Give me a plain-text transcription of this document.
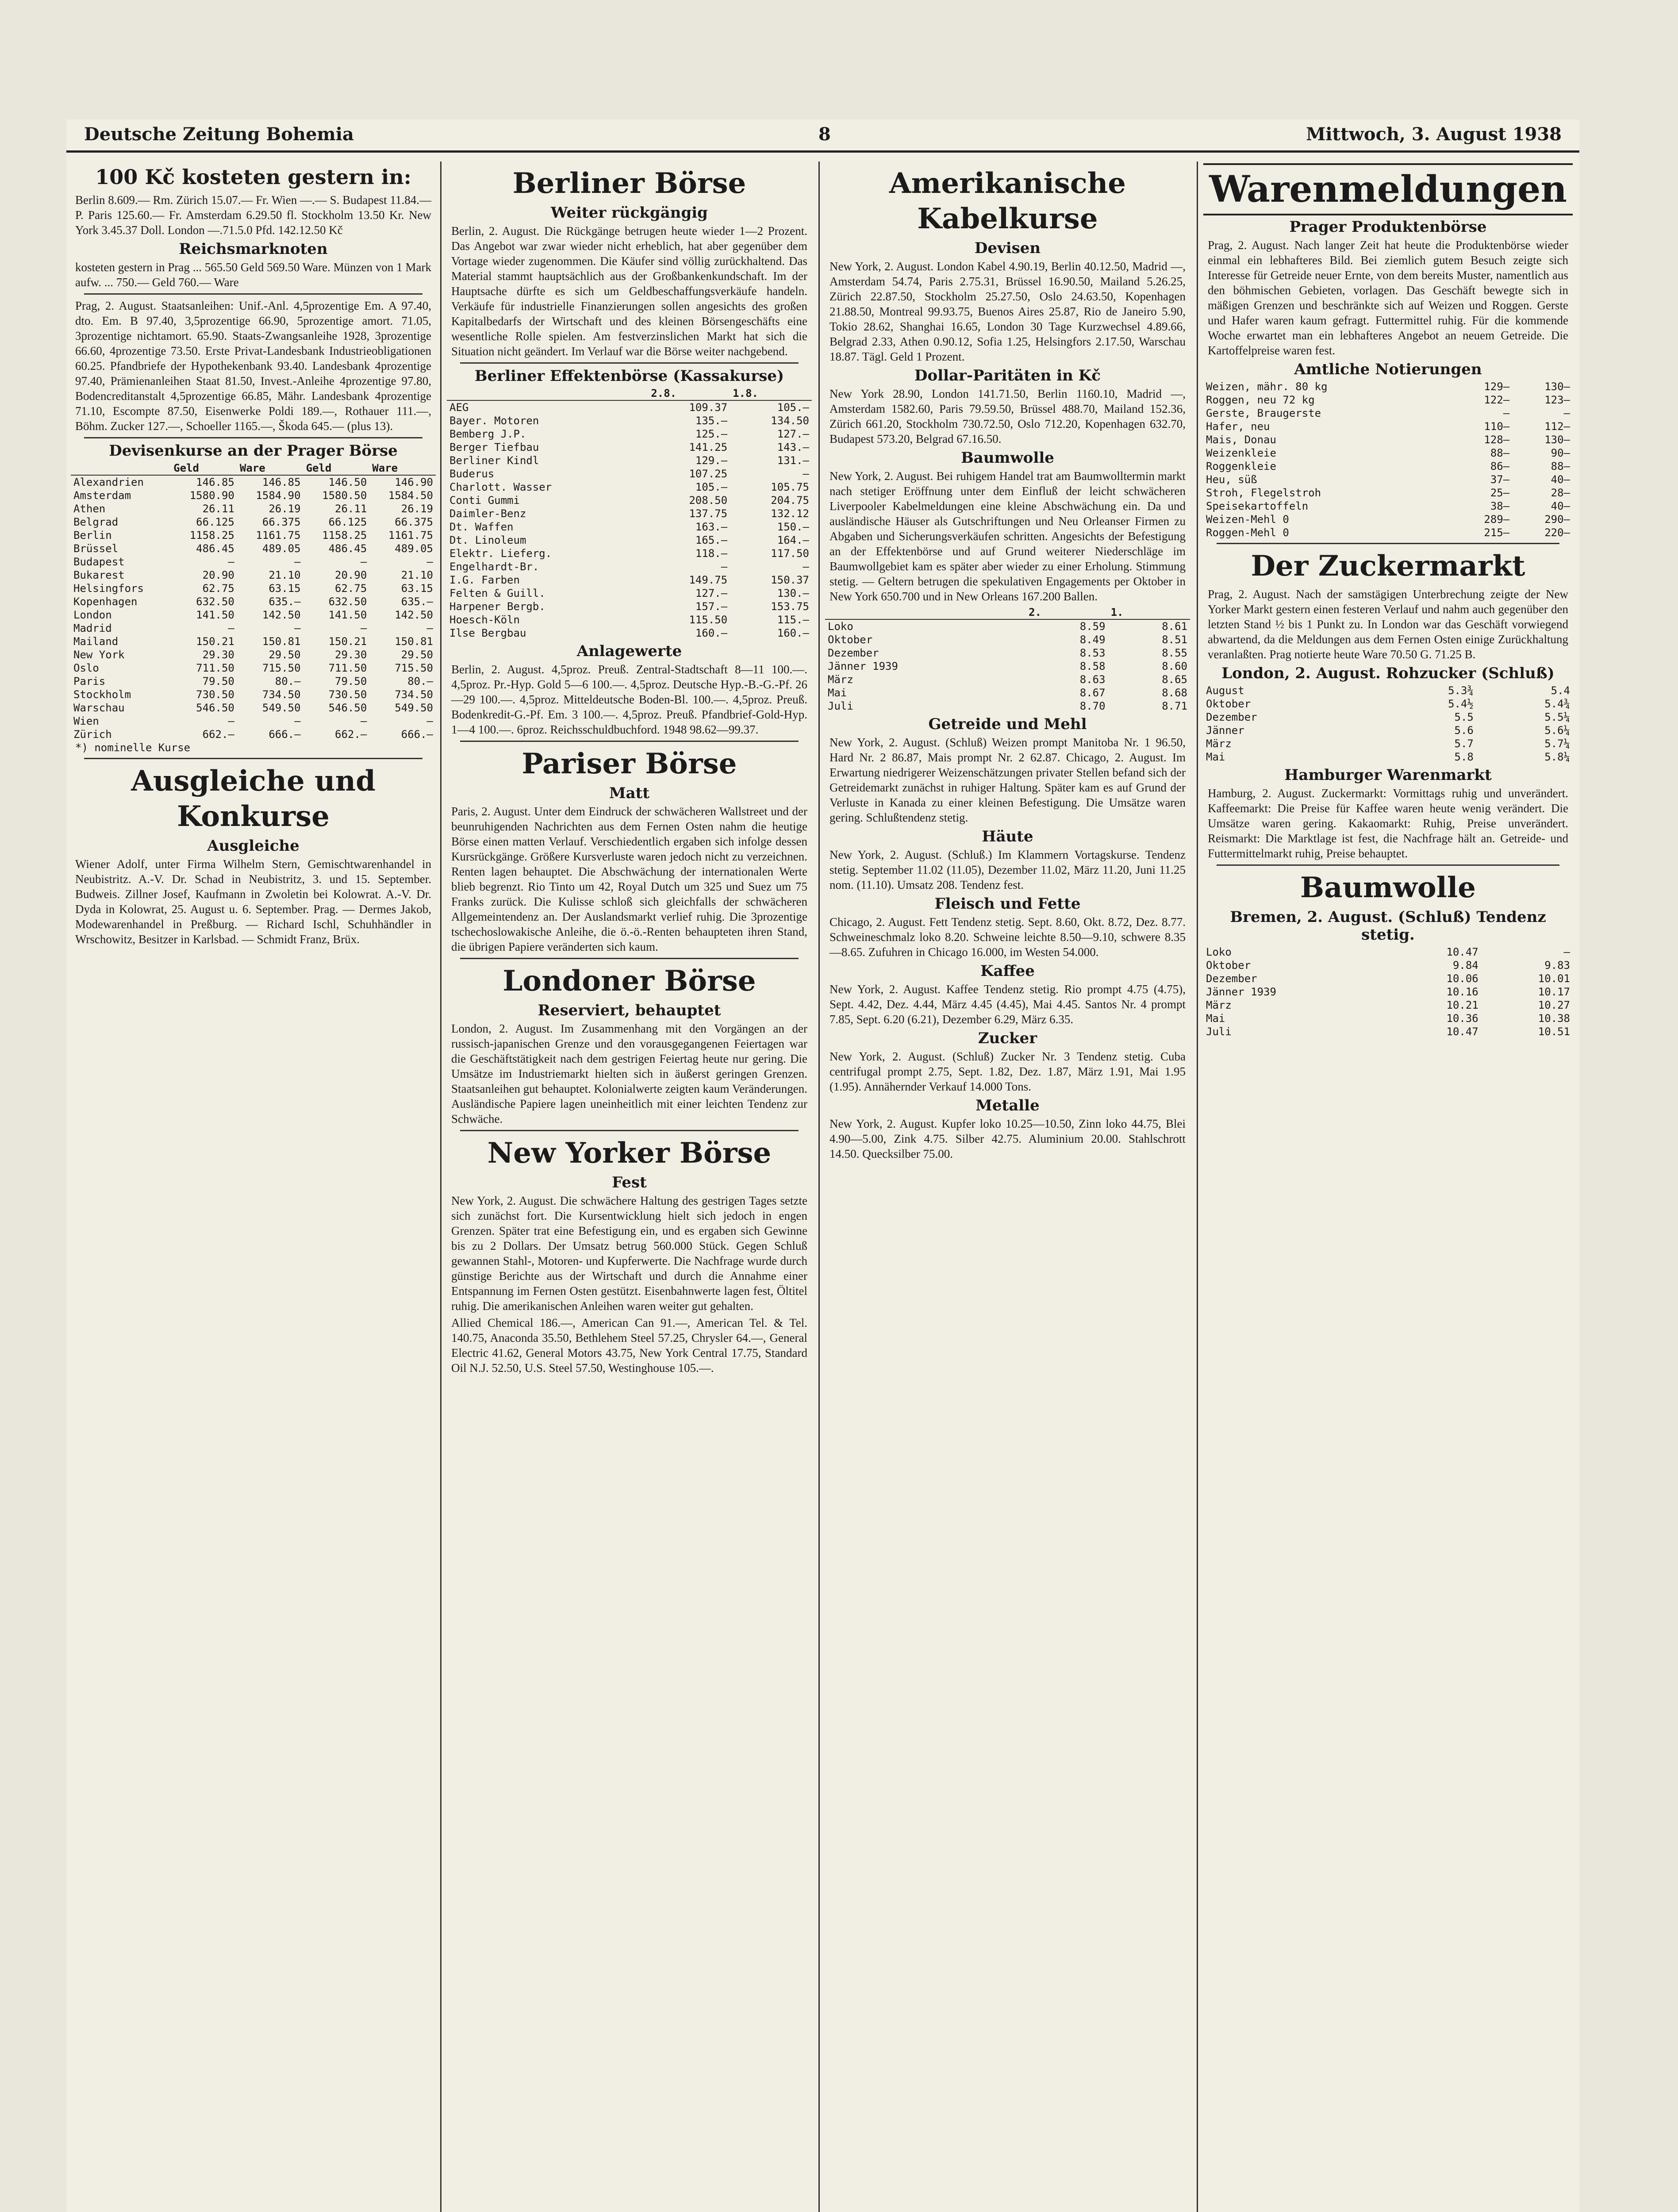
Deutsche Zeitung Bohemia	8	Mittwoch, 3. August 1938
100 Kč kosteten gestern in:

Berlin 8.609.— Rm. Zürich 15.07.— Fr. Wien —.— S. Budapest 11.84.— P. Paris 125.60.— Fr. Amsterdam 6.29.50 fl. Stockholm 13.50 Kr. New York 3.45.37 Doll. London —.71.5.0 Pfd. 142.12.50 Kč

Reichsmarknoten

kosteten gestern in Prag ... 565.50 Geld 569.50 Ware. Münzen von 1 Mark aufw. ... 750.— Geld 760.— Ware

Prag, 2. August. Staatsanleihen: Unif.-Anl. 4,5prozentige Em. A 97.40, dto. Em. B 97.40, 3,5prozentige 66.90, 5prozentige amort. 71.05, 3prozentige nichtamort. 65.90. Staats-Zwangsanleihe 1928, 3prozentige 66.60, 4prozentige 73.50. Erste Privat-Landesbank Industrieobligationen 60.25. Pfandbriefe der Hypothekenbank 93.40. Landesbank 4prozentige 97.40, Prämienanleihen Staat 81.50, Invest.-Anleihe 4prozentige 97.80, Bodencreditanstalt 4,5prozentige 66.85, Mähr. Landesbank 4prozentige 71.10, Escompte 87.50, Eisenwerke Poldi 189.—, Rothauer 111.—, Böhm. Zucker 127.—, Schoeller 1165.—, Škoda 645.— (plus 13).

Devisenkurse an der Prager Börse
	Geld	Ware	Geld	Ware
Alexandrien	146.85	146.85	146.50	146.90
Amsterdam	1580.90	1584.90	1580.50	1584.50
Athen	26.11	26.19	26.11	26.19
Belgrad	66.125	66.375	66.125	66.375
Berlin	1158.25	1161.75	1158.25	1161.75
Brüssel	486.45	489.05	486.45	489.05
Budapest	—	—	—	—
Bukarest	20.90	21.10	20.90	21.10
Helsingfors	62.75	63.15	62.75	63.15
Kopenhagen	632.50	635.—	632.50	635.—
London	141.50	142.50	141.50	142.50
Madrid	—	—	—	—
Mailand	150.21	150.81	150.21	150.81
New York	29.30	29.50	29.30	29.50
Oslo	711.50	715.50	711.50	715.50
Paris	79.50	80.—	79.50	80.—
Stockholm	730.50	734.50	730.50	734.50
Warschau	546.50	549.50	546.50	549.50
Wien	—	—	—	—
Zürich	662.—	666.—	662.—	666.—
*) nominelle Kurse
Ausgleiche und Konkurse
Ausgleiche

Wiener Adolf, unter Firma Wilhelm Stern, Gemischtwarenhandel in Neubistritz. A.-V. Dr. Schad in Neubistritz, 3. und 15. September. Budweis. Zillner Josef, Kaufmann in Zwoletin bei Kolowrat. A.-V. Dr. Dyda in Kolowrat, 25. August u. 6. September. Prag. — Dermes Jakob, Modewarenhandel in Preßburg. — Richard Ischl, Schuhhändler in Wrschowitz, Besitzer in Karlsbad. — Schmidt Franz, Brüx.

Berliner Börse
Weiter rückgängig

Berlin, 2. August. Die Rückgänge betrugen heute wieder 1—2 Prozent. Das Angebot war zwar wieder nicht erheblich, hat aber gegenüber dem Vortage wieder zugenommen. Die Käufer sind völlig zurückhaltend. Das Material stammt hauptsächlich aus der Großbankenkundschaft. Im der Hauptsache dürfte es sich um Geldbeschaffungsverkäufe handeln. Verkäufe für industrielle Finanzierungen sollen angesichts des großen Kapitalbedarfs der Wirtschaft und des kleinen Börsengeschäfts eine wesentliche Rolle spielen. Am festverzinslichen Markt hat sich die Situation nicht geändert. Im Verlauf war die Börse weiter nachgebend.

Berliner Effektenbörse (Kassakurse)
	2.8.	1.8.
AEG	109.37	105.—
Bayer. Motoren	135.—	134.50
Bemberg J.P.	125.—	127.—
Berger Tiefbau	141.25	143.—
Berliner Kindl	129.—	131.—
Buderus	107.25	—
Charlott. Wasser	105.—	105.75
Conti Gummi	208.50	204.75
Daimler-Benz	137.75	132.12
Dt. Waffen	163.—	150.—
Dt. Linoleum	165.—	164.—
Elektr. Lieferg.	118.—	117.50
Engelhardt-Br.	—	—
I.G. Farben	149.75	150.37
Felten & Guill.	127.—	130.—
Harpener Bergb.	157.—	153.75
Hoesch-Köln	115.50	115.—
Ilse Bergbau	160.—	160.—
Anlagewerte

Berlin, 2. August. 4,5proz. Preuß. Zentral-Stadtschaft 8—11 100.—. 4,5proz. Pr.-Hyp. Gold 5—6 100.—. 4,5proz. Deutsche Hyp.-B.-G.-Pf. 26—29 100.—. 4,5proz. Mitteldeutsche Boden-Bl. 100.—. 4,5proz. Preuß. Bodenkredit-G.-Pf. Em. 3 100.—. 4,5proz. Preuß. Pfandbrief-Gold-Hyp. 1—4 100.—. 6proz. Reichsschuldbuchford. 1948 98.62—99.37.

Pariser Börse
Matt

Paris, 2. August. Unter dem Eindruck der schwächeren Wallstreet und der beunruhigenden Nachrichten aus dem Fernen Osten nahm die heutige Börse einen matten Verlauf. Verschiedentlich ergaben sich infolge dessen Kursrückgänge. Größere Kursverluste waren jedoch nicht zu verzeichnen. Renten lagen behauptet. Die Abschwächung der internationalen Werte blieb begrenzt. Rio Tinto um 42, Royal Dutch um 325 und Suez um 75 Franks zurück. Die Kulisse schloß sich gleichfalls der schwächeren Allgemeintendenz an. Der Auslandsmarkt verlief ruhig. Die 3prozentige tschechoslowakische Anleihe, die ö.-ö.-Renten behaupteten ihren Stand, die übrigen Papiere veränderten sich kaum.

Londoner Börse
Reserviert, behauptet

London, 2. August. Im Zusammenhang mit den Vorgängen an der russisch-japanischen Grenze und den vorausgegangenen Feiertagen war die Geschäftstätigkeit nach dem gestrigen Feiertag heute nur gering. Die Umsätze im Industriemarkt hielten sich in äußerst geringen Grenzen. Staatsanleihen gut behauptet. Kolonialwerte zeigten kaum Veränderungen. Ausländische Papiere lagen uneinheitlich mit einer leichten Tendenz zur Schwäche.

New Yorker Börse
Fest

New York, 2. August. Die schwächere Haltung des gestrigen Tages setzte sich zunächst fort. Die Kursentwicklung hielt sich jedoch in engen Grenzen. Später trat eine Befestigung ein, und es ergaben sich Gewinne bis zu 2 Dollars. Der Umsatz betrug 560.000 Stück. Gegen Schluß gewannen Stahl-, Motoren- und Kupferwerte. Die Nachfrage wurde durch günstige Berichte aus der Wirtschaft und durch die Annahme einer Entspannung im Fernen Osten gestützt. Eisenbahnwerte lagen fest, Öltitel ruhig. Die amerikanischen Anleihen waren weiter gut gehalten.

Allied Chemical 186.—, American Can 91.—, American Tel. & Tel. 140.75, Anaconda 35.50, Bethlehem Steel 57.25, Chrysler 64.—, General Electric 41.62, General Motors 43.75, New York Central 17.75, Standard Oil N.J. 52.50, U.S. Steel 57.50, Westinghouse 105.—.

Amerikanische Kabelkurse
Devisen

New York, 2. August. London Kabel 4.90.19, Berlin 40.12.50, Madrid —, Amsterdam 54.74, Paris 2.75.31, Brüssel 16.90.50, Mailand 5.26.25, Zürich 22.87.50, Stockholm 25.27.50, Oslo 24.63.50, Kopenhagen 21.88.50, Montreal 99.93.75, Buenos Aires 25.87, Rio de Janeiro 5.90, Tokio 28.62, Shanghai 16.65, London 30 Tage Kurzwechsel 4.89.66, Belgrad 2.33, Athen 0.90.12, Sofia 1.25, Helsingfors 2.17.50, Warschau 18.87. Tägl. Geld 1 Prozent.

Dollar-Paritäten in Kč

New York 28.90, London 141.71.50, Berlin 1160.10, Madrid —, Amsterdam 1582.60, Paris 79.59.50, Brüssel 488.70, Mailand 152.36, Zürich 661.20, Stockholm 730.72.50, Oslo 712.20, Kopenhagen 632.70, Budapest 573.20, Belgrad 67.16.50.

Baumwolle

New York, 2. August. Bei ruhigem Handel trat am Baumwolltermin markt nach stetiger Eröffnung unter dem Einfluß der leicht schwächeren Liverpooler Kabelmeldungen eine kleine Abschwächung ein. Da und ausländische Häuser als Gutschriftungen und Neu Orleanser Firmen zu Abgaben und Sicherungsverkäufen schritten. Angesichts der Befestigung an der Effektenbörse und auf Grund weiterer Niederschläge im Baumwollgebiet kam es später aber wieder zu einer Erholung. Stimmung stetig. — Geltern betrugen die spekulativen Engagements per Oktober in New York 650.700 und in New Orleans 167.200 Ballen.

	2.	1.
Loko	8.59	8.61
Oktober	8.49	8.51
Dezember	8.53	8.55
Jänner 1939	8.58	8.60
März	8.63	8.65
Mai	8.67	8.68
Juli	8.70	8.71
Getreide und Mehl

New York, 2. August. (Schluß) Weizen prompt Manitoba Nr. 1 96.50, Hard Nr. 2 86.87, Mais prompt Nr. 2 62.87. Chicago, 2. August. Im Erwartung niedrigerer Weizenschätzungen privater Stellen befand sich der Getreidemarkt zunächst in ruhiger Haltung. Später kam es auf Grund der Verluste in Kanada zu einer kleinen Befestigung. Die Umsätze waren gering. Schlußtendenz stetig.

Häute

New York, 2. August. (Schluß.) Im Klammern Vortagskurse. Tendenz stetig. September 11.02 (11.05), Dezember 11.02, März 11.20, Juni 11.25 nom. (11.10). Umsatz 208. Tendenz fest.

Fleisch und Fette

Chicago, 2. August. Fett Tendenz stetig. Sept. 8.60, Okt. 8.72, Dez. 8.77. Schweineschmalz loko 8.20. Schweine leichte 8.50—9.10, schwere 8.35—8.65. Zufuhren in Chicago 16.000, im Westen 54.000.

Kaffee

New York, 2. August. Kaffee Tendenz stetig. Rio prompt 4.75 (4.75), Sept. 4.42, Dez. 4.44, März 4.45 (4.45), Mai 4.45. Santos Nr. 4 prompt 7.85, Sept. 6.20 (6.21), Dezember 6.29, März 6.35.

Zucker

New York, 2. August. (Schluß) Zucker Nr. 3 Tendenz stetig. Cuba centrifugal prompt 2.75, Sept. 1.82, Dez. 1.87, März 1.91, Mai 1.95 (1.95). Annähernder Verkauf 14.000 Tons.

Metalle

New York, 2. August. Kupfer loko 10.25—10.50, Zinn loko 44.75, Blei 4.90—5.00, Zink 4.75. Silber 42.75. Aluminium 20.00. Stahlschrott 14.50. Quecksilber 75.00.

Warenmeldungen
Prager Produktenbörse

Prag, 2. August. Nach langer Zeit hat heute die Produktenbörse wieder einmal ein lebhafteres Bild. Bei ziemlich gutem Besuch zeigte sich Interesse für Getreide neuer Ernte, von dem bereits Muster, namentlich aus den böhmischen Gebieten, vorlagen. Das Geschäft bewegte sich in mäßigen Grenzen und beschränkte sich auf Weizen und Roggen. Gerste und Hafer waren kaum gefragt. Futtermittel ruhig. Für die kommende Woche erwartet man ein lebhafteres Angebot an neuem Getreide. Die Kartoffelpreise waren fest.

Amtliche Notierungen
Weizen, mähr. 80 kg	129—	130—
Roggen, neu 72 kg	122—	123—
Gerste, Braugerste	—	—
Hafer, neu	110—	112—
Mais, Donau	128—	130—
Weizenkleie	88—	90—
Roggenkleie	86—	88—
Heu, süß	37—	40—
Stroh, Flegelstroh	25—	28—
Speisekartoffeln	38—	40—
Weizen-Mehl 0	289—	290—
Roggen-Mehl 0	215—	220—
Der Zuckermarkt

Prag, 2. August. Nach der samstägigen Unterbrechung zeigte der New Yorker Markt gestern einen festeren Verlauf und nahm auch gegenüber den letzten Stand ½ bis 1 Punkt zu. In London war das Geschäft vorwiegend abwartend, da die Meldungen aus dem Fernen Osten einige Zurückhaltung veranlaßten. Prag notierte heute Ware 70.50 G. 71.25 B.

London, 2. August. Rohzucker (Schluß)
August	5.3¾	5.4
Oktober	5.4½	5.4¾
Dezember	5.5	5.5¼
Jänner	5.6	5.6¼
März	5.7	5.7¼
Mai	5.8	5.8¼
Hamburger Warenmarkt

Hamburg, 2. August. Zuckermarkt: Vormittags ruhig und unverändert. Kaffeemarkt: Die Preise für Kaffee waren heute wenig verändert. Die Umsätze waren gering. Kakaomarkt: Ruhig, Preise unverändert. Reismarkt: Die Marktlage ist fest, die Nachfrage hält an. Getreide- und Futtermittelmarkt ruhig, Preise behauptet.

Baumwolle
Bremen, 2. August. (Schluß) Tendenz stetig.
Loko	10.47	—
Oktober	9.84	9.83
Dezember	10.06	10.01
Jänner 1939	10.16	10.17
März	10.21	10.27
Mai	10.36	10.38
Juli	10.47	10.51
